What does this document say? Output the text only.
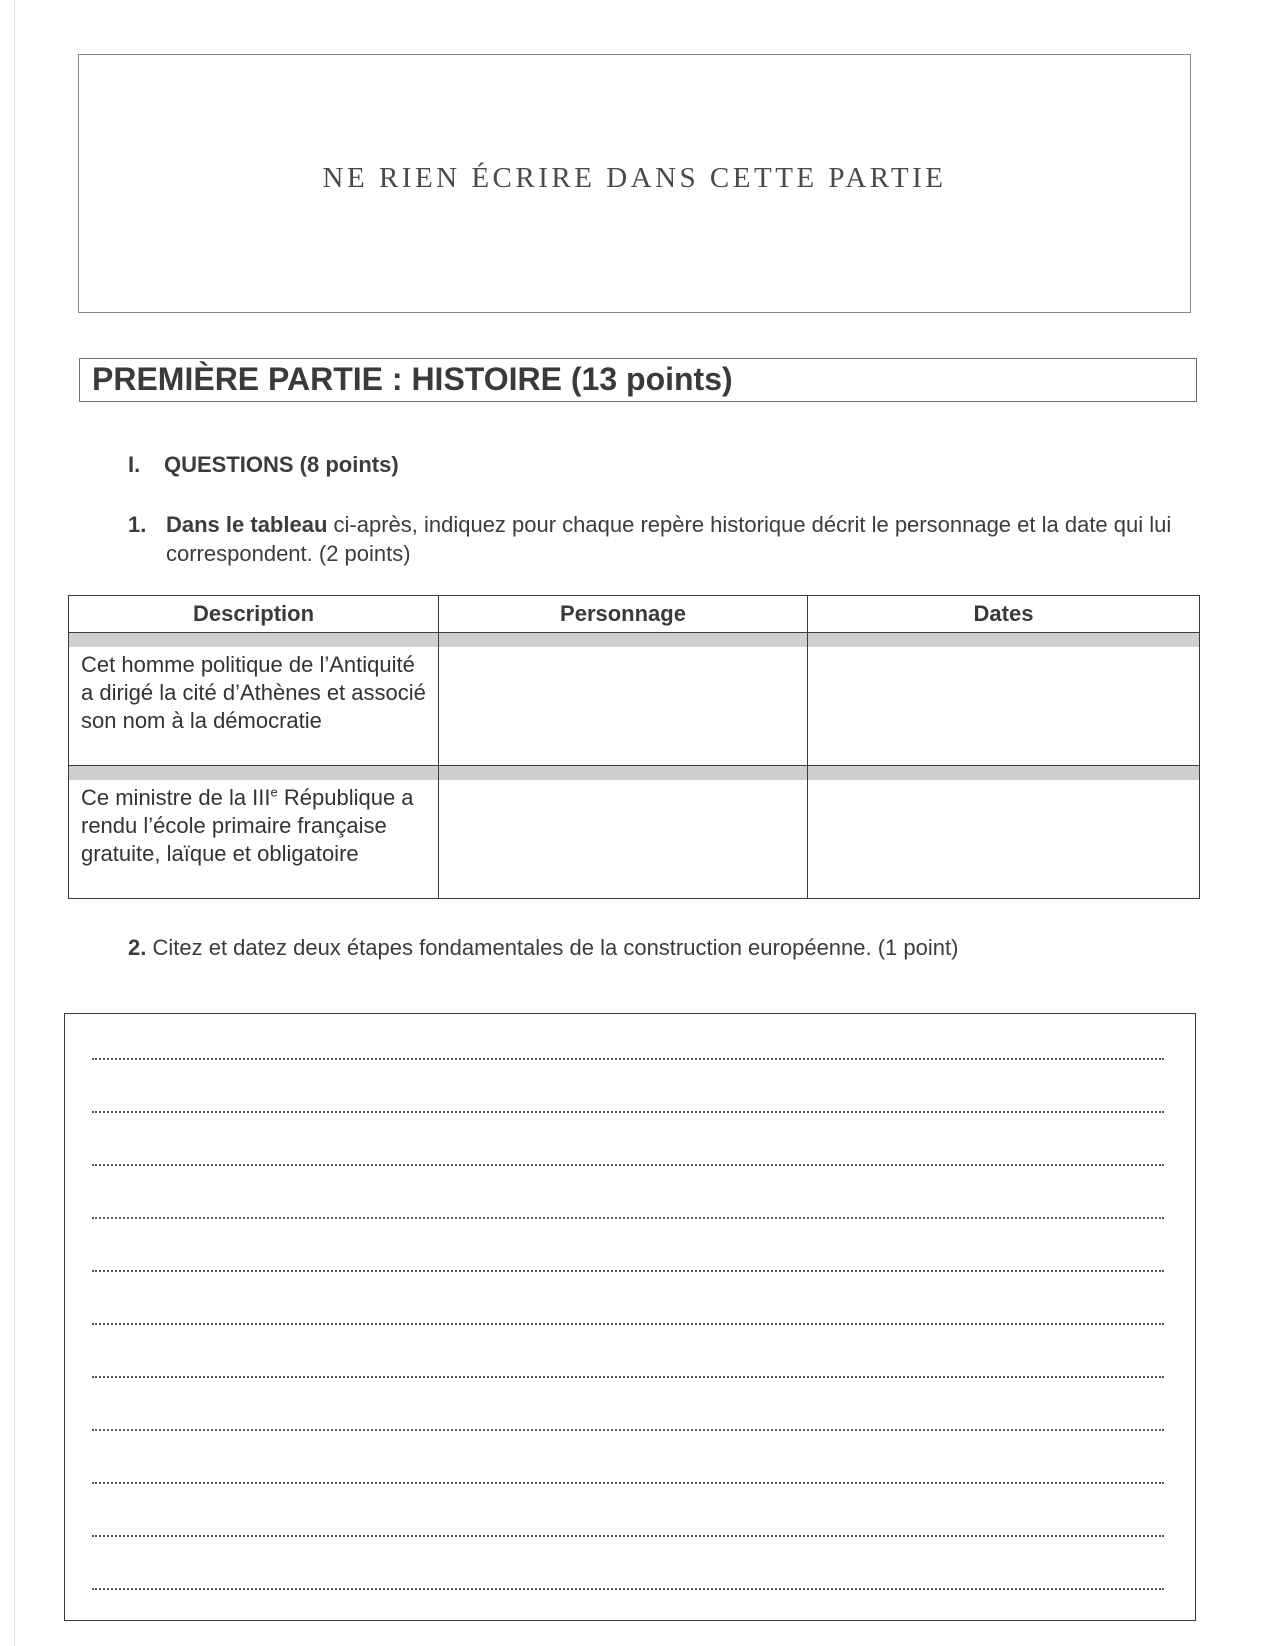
NE RIEN ÉCRIRE DANS CETTE PARTIE
PREMIÈRE PARTIE : HISTOIRE (13 points)
I. QUESTIONS (8 points)
1. Dans le tableau ci-après, indiquez pour chaque repère historique décrit le personnage et la date qui lui correspondent. (2 points)
Description	Personnage	Dates

Cet homme politique de l’Antiquité a dirigé la cité d’Athènes et associé son nom à la démocratie		

Ce ministre de la IIIe République a rendu l’école primaire française gratuite, laïque et obligatoire		
2. Citez et datez deux étapes fondamentales de la construction européenne. (1 point)
